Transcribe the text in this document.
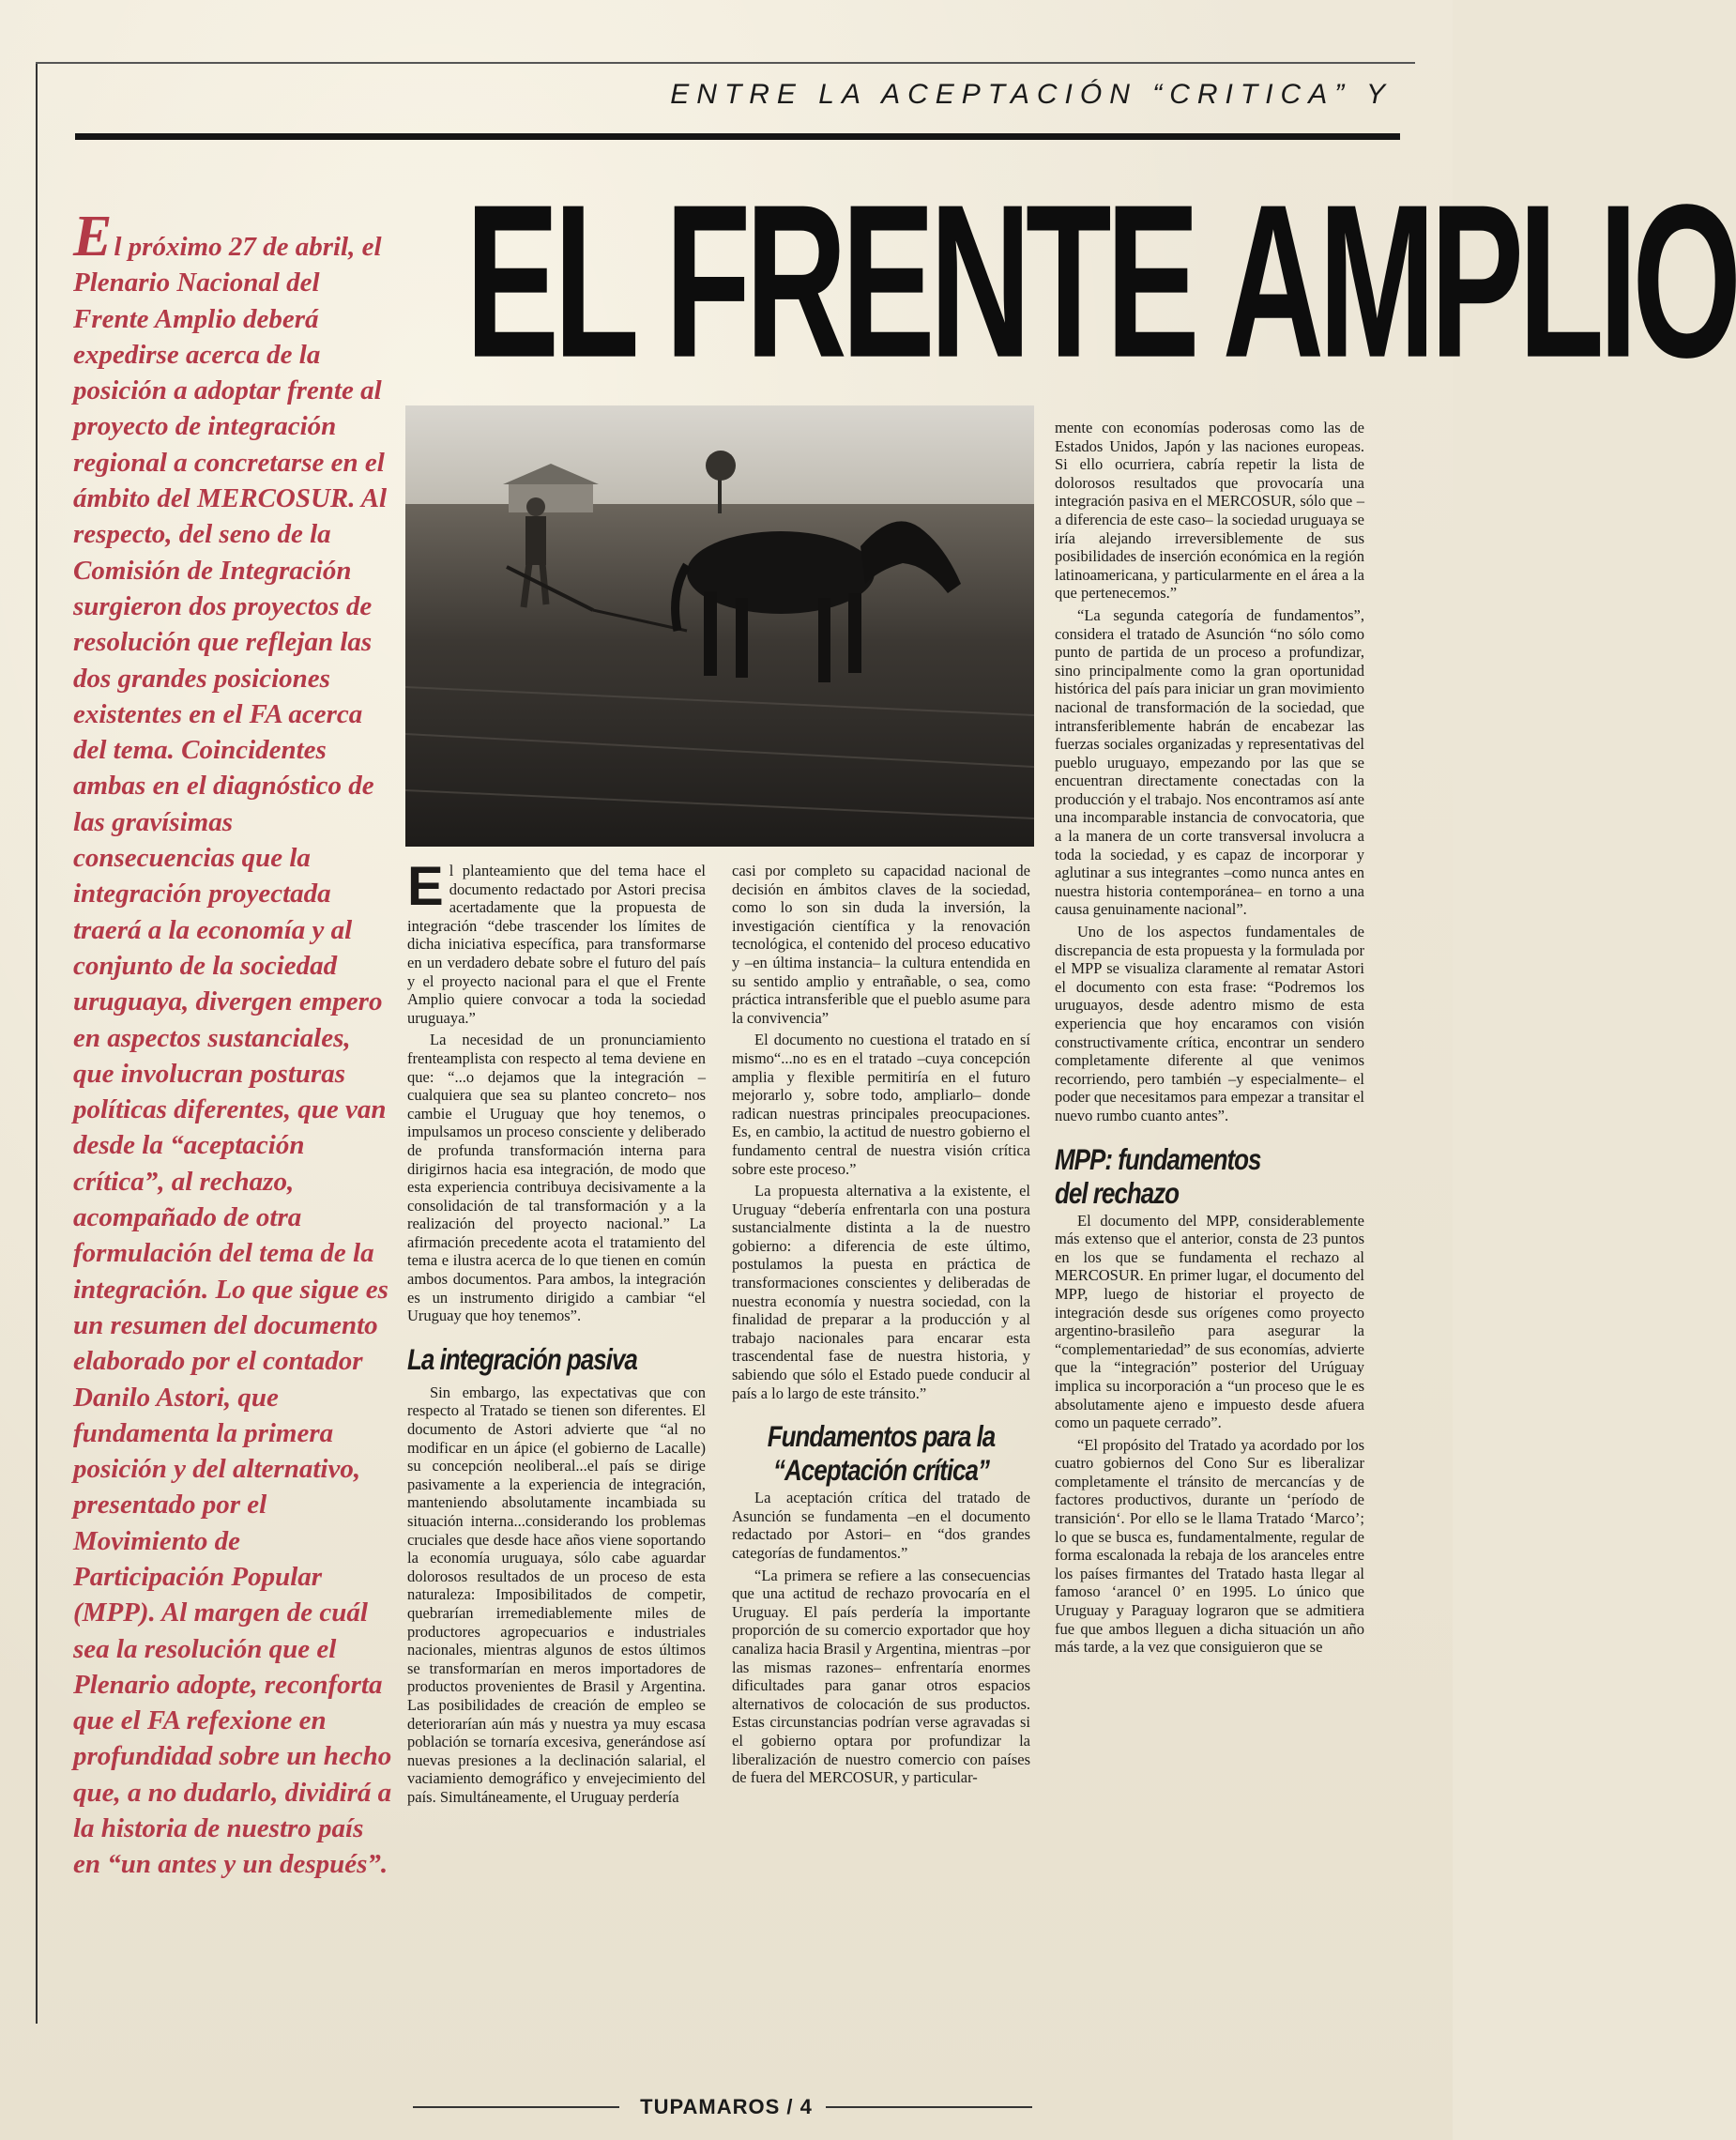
ENTRE LA ACEPTACIÓN “CRITICA” Y
EL FRENTE AMPLIO
El próximo 27 de abril, el Plenario Nacional del Frente Amplio deberá expedirse acerca de la posición a adoptar frente al proyecto de integración regional a concretarse en el ámbito del MERCOSUR. Al respecto, del seno de la Comisión de Integración surgieron dos proyectos de resolución que reflejan las dos grandes posiciones existentes en el FA acerca del tema. Coincidentes ambas en el diagnóstico de las gravísimas consecuencias que la integración proyectada traerá a la economía y al conjunto de la sociedad uruguaya, divergen empero en aspectos sustanciales, que involucran posturas políticas diferentes, que van desde la “aceptación crítica”, al rechazo, acompañado de otra formulación del tema de la integración. Lo que sigue es un resumen del documento elaborado por el contador Danilo Astori, que fundamenta la primera posición y del alternativo, presentado por el Movimiento de Participación Popular (MPP). Al margen de cuál sea la resolución que el Plenario adopte, reconforta que el FA refexione en profundidad sobre un hecho que, a no dudarlo, dividirá a la historia de nuestro país en “un antes y un después”.

El planteamiento que del tema hace el documento redactado por Astori precisa acertadamente que la propuesta de integración “debe trascender los límites de dicha iniciativa específica, para transformarse en un verdadero debate sobre el futuro del país y el proyecto nacional para el que el Frente Amplio quiere convocar a toda la sociedad uruguaya.”

La necesidad de un pronunciamiento frenteamplista con respecto al tema deviene en que: “...o dejamos que la integración –cualquiera que sea su planteo concreto– nos cambie el Uruguay que hoy tenemos, o impulsamos un proceso consciente y deliberado de profunda transformación interna para dirigirnos hacia esa integración, de modo que esta experiencia contribuya decisivamente a la consolidación de tal transformación y a la realización del proyecto nacional.” La afirmación precedente acota el tratamiento del tema e ilustra acerca de lo que tienen en común ambos documentos. Para ambos, la integración es un instrumento dirigido a cambiar “el Uruguay que hoy tenemos”.

La integración pasiva

Sin embargo, las expectativas que con respecto al Tratado se tienen son diferentes. El documento de Astori advierte que “al no modificar en un ápice (el gobierno de Lacalle) su concepción neoliberal...el país se dirige pasivamente a la experiencia de integración, manteniendo absolutamente incambiada su situación interna...considerando los problemas cruciales que desde hace años viene soportando la economía uruguaya, sólo cabe aguardar dolorosos resultados de un proceso de esta naturaleza: Imposibilitados de competir, quebrarían irremediablemente miles de productores agropecuarios e industriales nacionales, mientras algunos de estos últimos se transformarían en meros importadores de productos provenientes de Brasil y Argentina. Las posibilidades de creación de empleo se deteriorarían aún más y nuestra ya muy escasa población se tornaría excesiva, generándose así nuevas presiones a la declinación salarial, el vaciamiento demográfico y envejecimiento del país. Simultáneamente, el Uruguay perdería

casi por completo su capacidad nacional de decisión en ámbitos claves de la sociedad, como lo son sin duda la inversión, la investigación científica y la renovación tecnológica, el contenido del proceso educativo y –en última instancia– la cultura entendida en su sentido amplio y entrañable, o sea, como práctica intransferible que el pueblo asume para la convivencia”

El documento no cuestiona el tratado en sí mismo“...no es en el tratado –cuya concepción amplia y flexible permitiría en el futuro mejorarlo y, sobre todo, ampliarlo– donde radican nuestras principales preocupaciones. Es, en cambio, la actitud de nuestro gobierno el fundamento central de nuestra visión crítica sobre este proceso.”

La propuesta alternativa a la existente, el Uruguay “debería enfrentarla con una postura sustancialmente distinta a la de nuestro gobierno: a diferencia de este último, postulamos la puesta en práctica de transformaciones conscientes y deliberadas de nuestra economía y nuestra sociedad, con la finalidad de preparar a la producción y al trabajo nacionales para encarar esta trascendental fase de nuestra historia, y sabiendo que sólo el Estado puede conducir al país a lo largo de este tránsito.”

Fundamentos para la
“Aceptación crítica”

La aceptación crítica del tratado de Asunción se fundamenta –en el documento redactado por Astori– en “dos grandes categorías de fundamentos.”

“La primera se refiere a las consecuencias que una actitud de rechazo provocaría en el Uruguay. El país perdería la importante proporción de su comercio exportador que hoy canaliza hacia Brasil y Argentina, mientras –por las mismas razones– enfrentaría enormes dificultades para ganar otros espacios alternativos de colocación de sus productos. Estas circunstancias podrían verse agravadas si el gobierno optara por profundizar la liberalización de nuestro comercio con países de fuera del MERCOSUR, y particular-

mente con economías poderosas como las de Estados Unidos, Japón y las naciones europeas. Si ello ocurriera, cabría repetir la lista de dolorosos resultados que provocaría una integración pasiva en el MERCOSUR, sólo que –a diferencia de este caso– la sociedad uruguaya se iría alejando irreversiblemente de sus posibilidades de inserción económica en la región latinoamericana, y particularmente en el área a la que pertenecemos.”

“La segunda categoría de fundamentos”, considera el tratado de Asunción “no sólo como punto de partida de un proceso a profundizar, sino principalmente como la gran oportunidad histórica del país para iniciar un gran movimiento nacional de transformación de la sociedad, que intransferiblemente habrán de encabezar las fuerzas sociales organizadas y representativas del pueblo uruguayo, empezando por las que se encuentran directamente conectadas con la producción y el trabajo. Nos encontramos así ante una incomparable instancia de convocatoria, que a la manera de un corte transversal involucra a toda la sociedad, y es capaz de incorporar y aglutinar a sus integrantes –como nunca antes en nuestra historia contemporánea– en torno a una causa genuinamente nacional”.

Uno de los aspectos fundamentales de discrepancia de esta propuesta y la formulada por el MPP se visualiza claramente al rematar Astori el documento con esta frase: “Podremos los uruguayos, desde adentro mismo de esta experiencia que hoy encaramos con visión constructivamente crítica, encontrar un sendero completamente diferente al que venimos recorriendo, pero también –y especialmente– el poder que necesitamos para empezar a transitar el nuevo rumbo cuanto antes”.

MPP: fundamentos
del rechazo

El documento del MPP, considerablemente más extenso que el anterior, consta de 23 puntos en los que se fundamenta el rechazo al MERCOSUR. En primer lugar, el documento del MPP, luego de historiar el proyecto de integración desde sus orígenes como proyecto argentino-brasileño para asegurar la “complementariedad” de sus economías, advierte que la “integración” posterior del Urúguay implica su incorporación a “un proceso que le es absolutamente ajeno e impuesto desde afuera como un paquete cerrado”.

“El propósito del Tratado ya acordado por los cuatro gobiernos del Cono Sur es liberalizar completamente el tránsito de mercancías y de factores productivos, durante un ‘período de transición‘. Por ello se le llama Tratado ‘Marco’; lo que se busca es, fundamentalmente, regular de forma escalonada la rebaja de los aranceles entre los países firmantes del Tratado hasta llegar al famoso ‘arancel 0’ en 1995. Lo único que Uruguay y Paraguay lograron que se admitiera fue que ambos lleguen a dicha situación un año más tarde, a la vez que consiguieron que se

TUPAMAROS / 4
